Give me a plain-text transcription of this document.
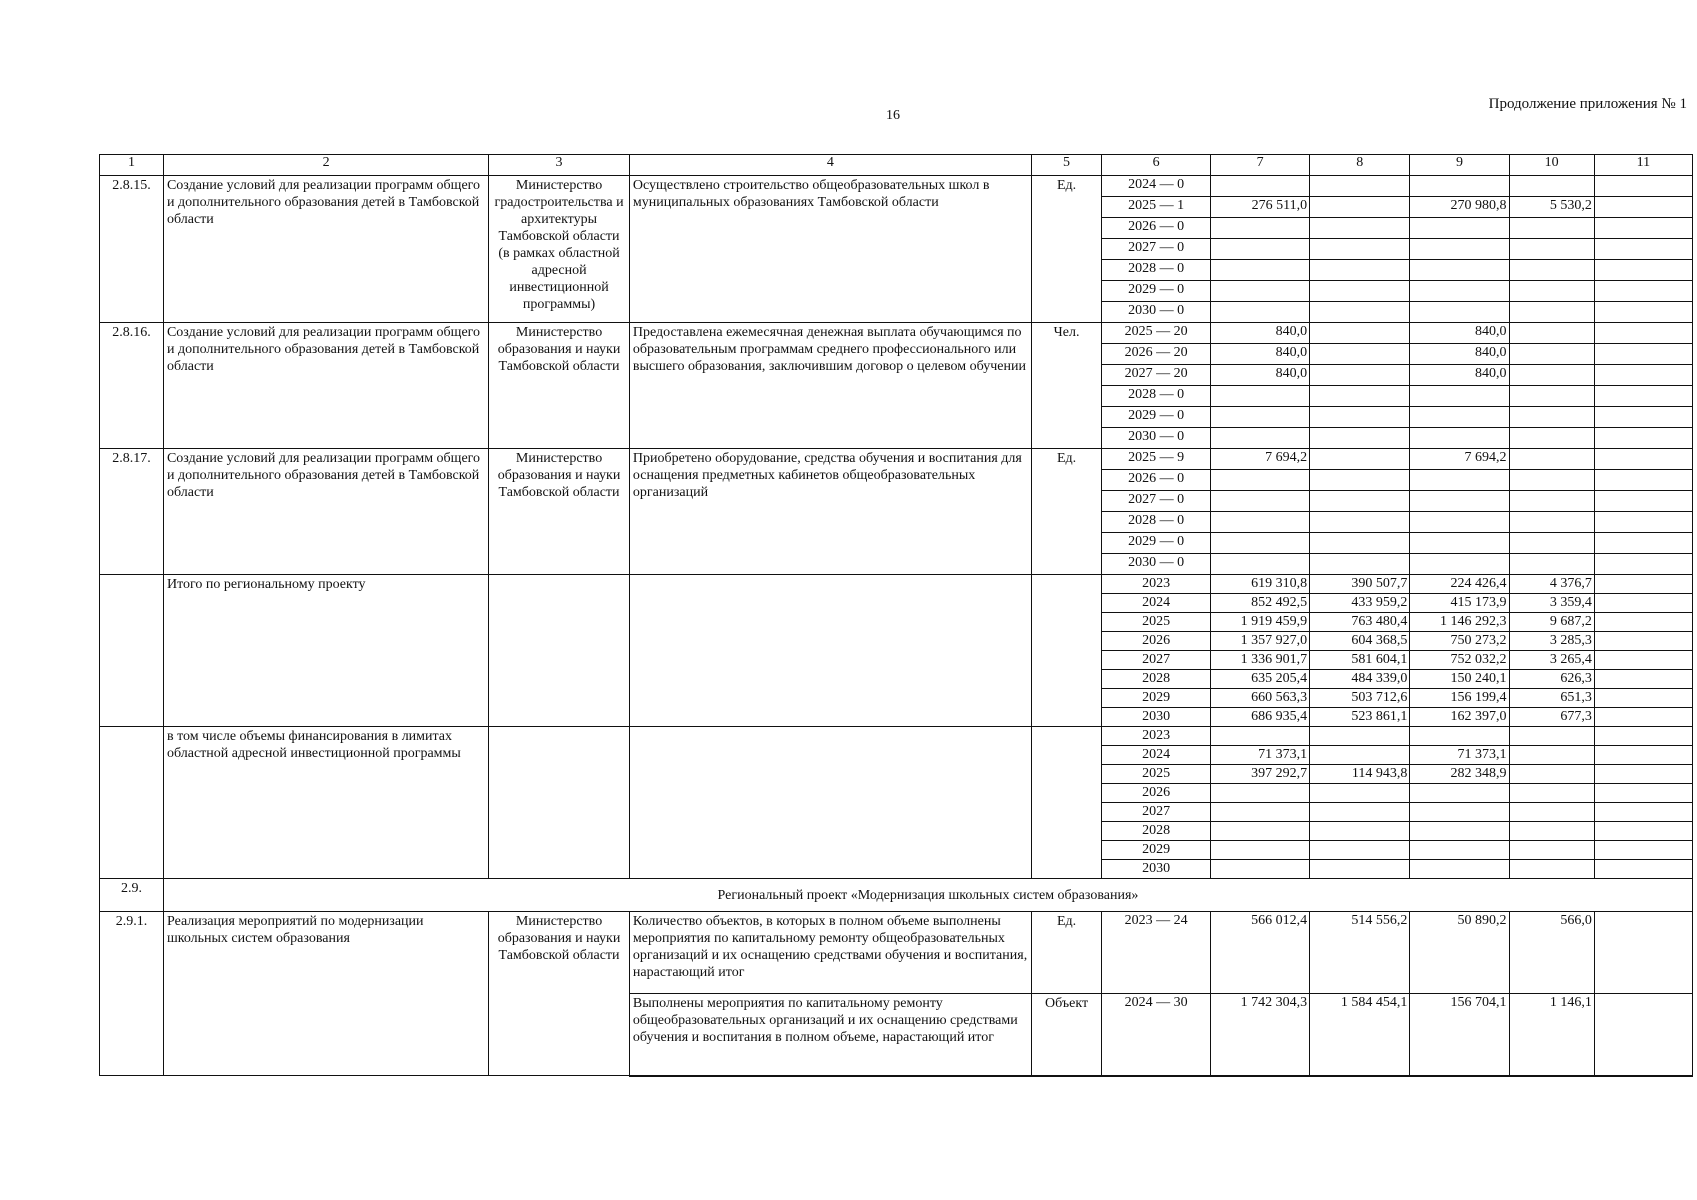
16
Продолжение приложения № 1
1	2	3	4	5	6	7	8	9	10	11
2.8.15.	Создание условий для реализации программ общего и дополнительного образования детей в Тамбовской области	Министерство градостроительства и архитектуры Тамбовской области (в рамках областной адресной инвестиционной программы)	Осуществлено строительство общеобразовательных школ в муниципальных образованиях Тамбовской области	Ед.	2024 — 0					
					2025 — 1	276 511,0		270 980,8	5 530,2	
					2026 — 0					
					2027 — 0					
					2028 — 0					
					2029 — 0					
					2030 — 0					
2.8.16.	Создание условий для реализации программ общего и дополнительного образования детей в Тамбовской области	Министерство образования и науки Тамбовской области	Предоставлена ежемесячная денежная выплата обучающимся по образовательным программам среднего профессионального или высшего образования, заключившим договор о целевом обучении	Чел.	2025 — 20	840,0		840,0		
					2026 — 20	840,0		840,0		
					2027 — 20	840,0		840,0		
					2028 — 0					
					2029 — 0					
					2030 — 0					
2.8.17.	Создание условий для реализации программ общего и дополнительного образования детей в Тамбовской области	Министерство образования и науки Тамбовской области	Приобретено оборудование, средства обучения и воспитания для оснащения предметных кабинетов общеобразовательных организаций	Ед.	2025 — 9	7 694,2		7 694,2		
					2026 — 0					
					2027 — 0					
					2028 — 0					
					2029 — 0					
					2030 — 0					
	Итого по региональному проекту				2023	619 310,8	390 507,7	224 426,4	4 376,7	
					2024	852 492,5	433 959,2	415 173,9	3 359,4	
					2025	1 919 459,9	763 480,4	1 146 292,3	9 687,2	
					2026	1 357 927,0	604 368,5	750 273,2	3 285,3	
					2027	1 336 901,7	581 604,1	752 032,2	3 265,4	
					2028	635 205,4	484 339,0	150 240,1	626,3	
					2029	660 563,3	503 712,6	156 199,4	651,3	
					2030	686 935,4	523 861,1	162 397,0	677,3	
	в том числе объемы финансирования в лимитах областной адресной инвестиционной программы				2023					
					2024	71 373,1		71 373,1		
					2025	397 292,7	114 943,8	282 348,9		
					2026					
					2027					
					2028					
					2029					
					2030					
2.9.	Региональный проект «Модернизация школьных систем образования»									
2.9.1.	Реализация мероприятий по модернизации школьных систем образования	Министерство образования и науки Тамбовской области	Количество объектов, в которых в полном объеме выполнены мероприятия по капитальному ремонту общеобразовательных организаций и их оснащению средствами обучения и воспитания, нарастающий итог	Ед.	2023 — 24	566 012,4	514 556,2	50 890,2	566,0	
			Выполнены мероприятия по капитальному ремонту общеобразовательных организаций и их оснащению средствами обучения и воспитания в полном объеме, нарастающий итог	Объект	2024 — 30	1 742 304,3	1 584 454,1	156 704,1	1 146,1	
